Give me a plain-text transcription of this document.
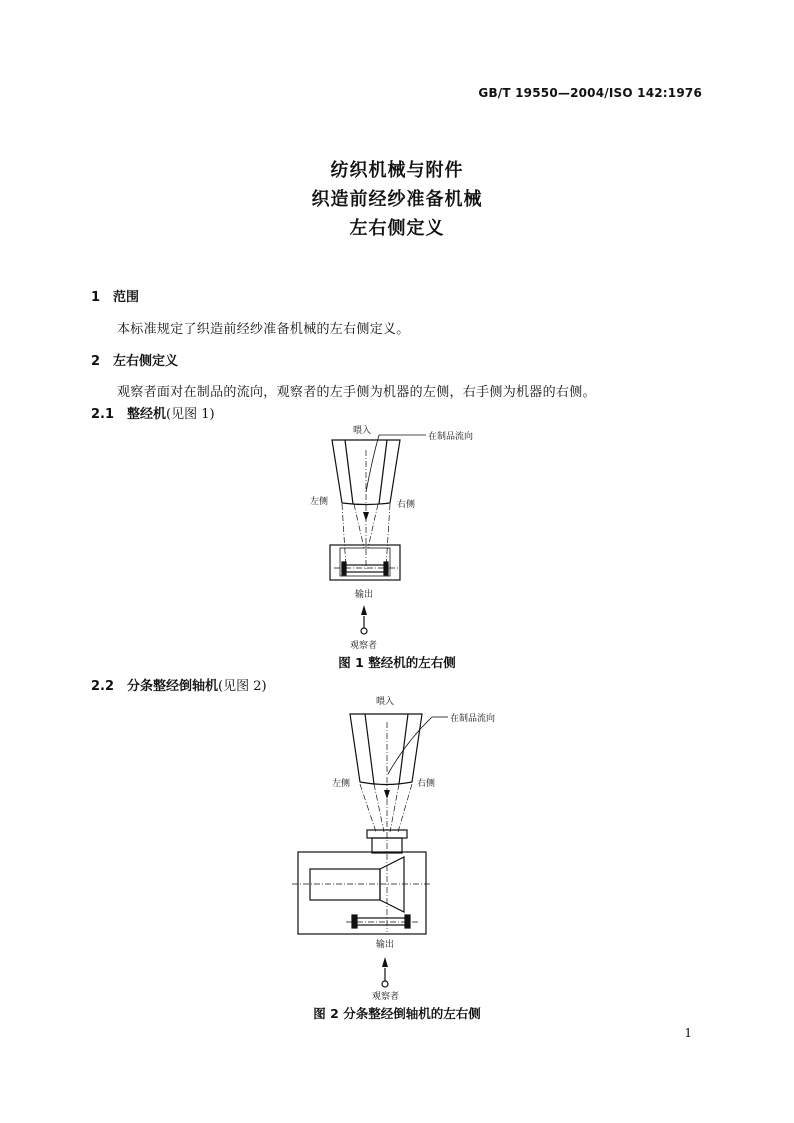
GB/T 19550—2004/ISO 142:1976
纺织机械与附件
织造前经纱准备机械
左右侧定义
1 范围
本标准规定了织造前经纱准备机械的左右侧定义。
2 左右侧定义
观察者面对在制品的流向，观察者的左手侧为机器的左侧，右手侧为机器的右侧。
2.1 整经机(见图 1)
喂入
在制品流向
左侧	右侧
输出
观察者
图 1 整经机的左右侧
2.2 分条整经倒轴机(见图 2)
喂入
在制品流向
左侧	右侧
输出
观察者
图 2 分条整经倒轴机的左右侧
1
